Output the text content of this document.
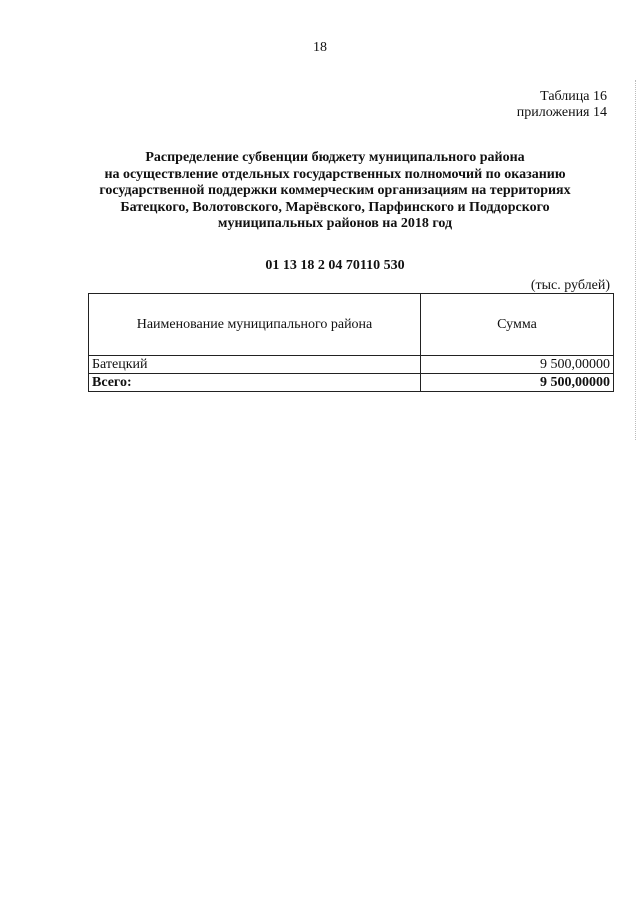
18
Таблица 16
приложения 14
Распределение субвенции бюджету муниципального района
на осуществление отдельных государственных полномочий по оказанию
государственной поддержки коммерческим организациям на территориях
Батецкого, Волотовского, Марёвского, Парфинского и Поддорского
муниципальных районов на 2018 год
01 13 18 2 04 70110 530
(тыс. рублей)
Наименование муниципального района	Сумма
Батецкий	9 500,00000
Всего:	9 500,00000
